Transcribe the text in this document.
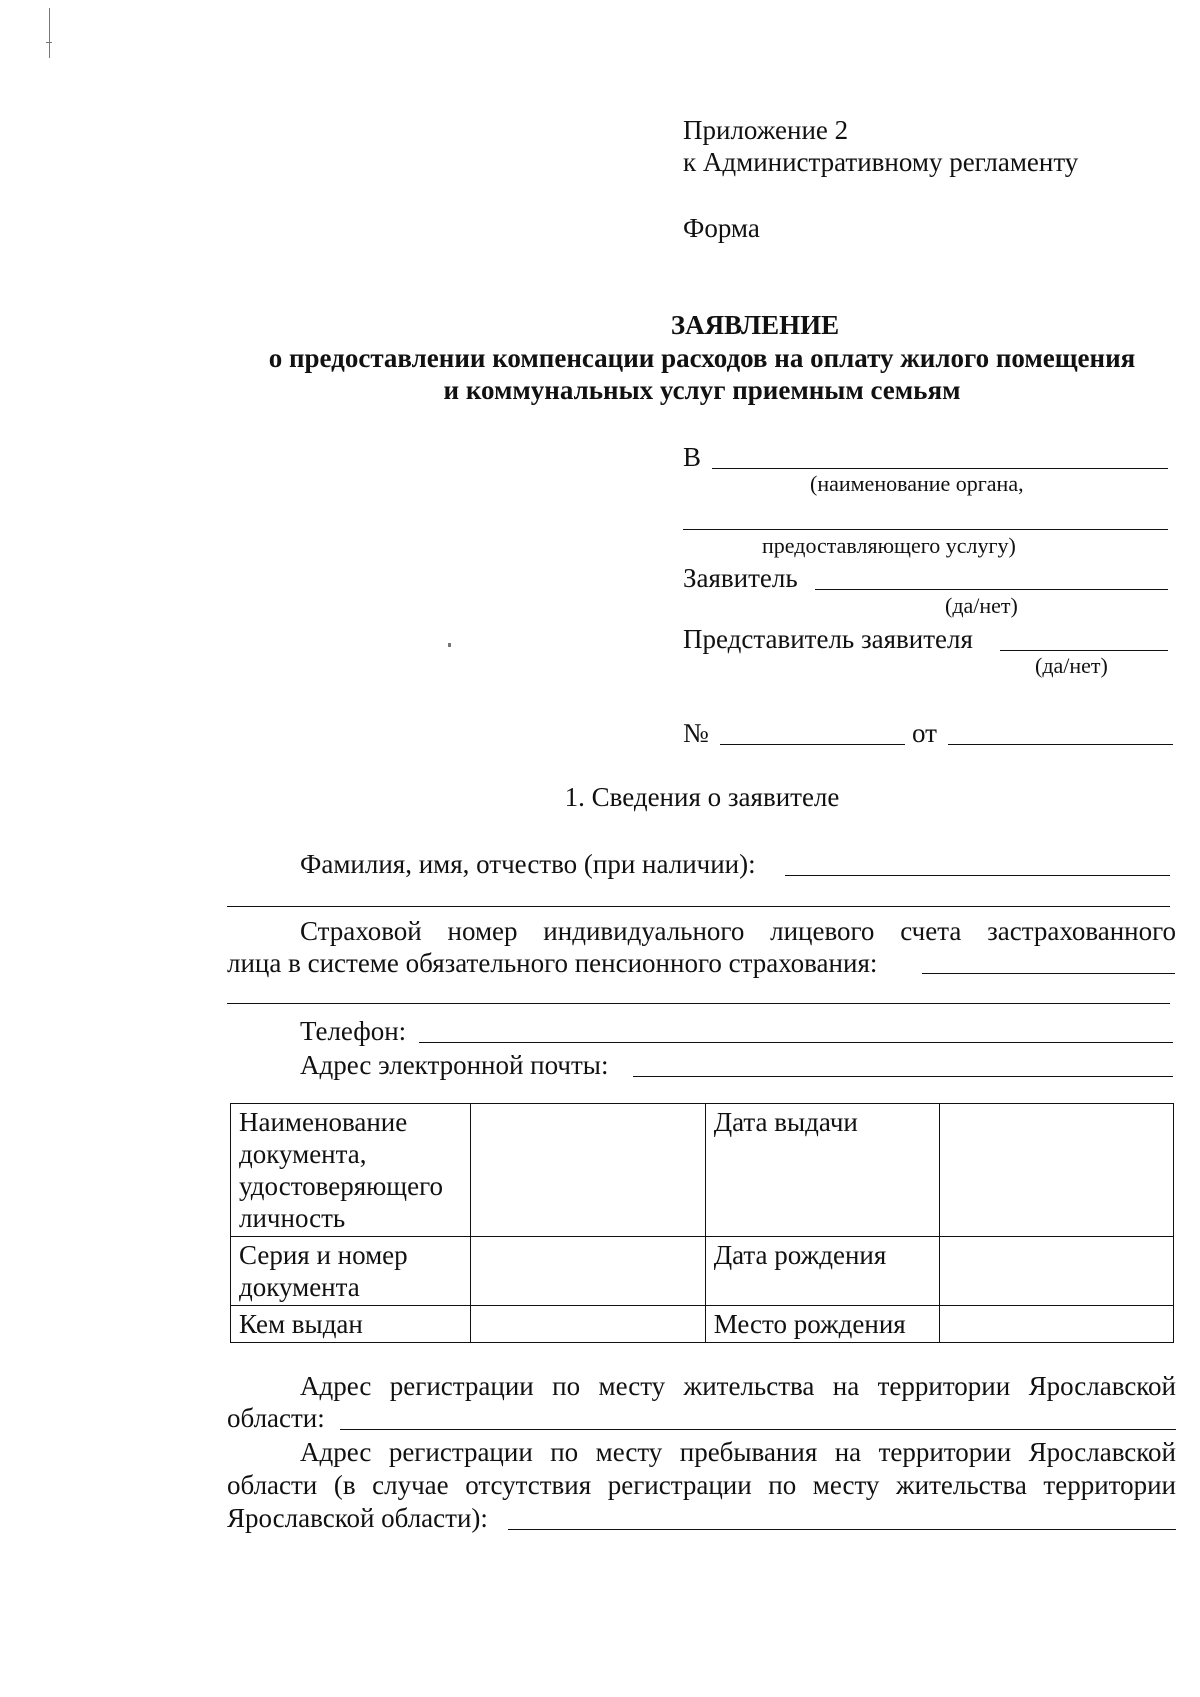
Приложение 2
к Административному регламенту
Форма
ЗАЯВЛЕНИЕ
о предоставлении компенсации расходов на оплату жилого помещения
и коммунальных услуг приемным семьям
В
(наименование органа,
предоставляющего услугу)
Заявитель
(да/нет)
Представитель заявителя
(да/нет)
№	от
1. Сведения о заявителе
Фамилия, имя, отчество (при наличии):
Страховой номер индивидуального лицевого счета застрахованного
лица в системе обязательного пенсионного страхования:
Телефон:
Адрес электронной почты:
Наименование документа, удостоверяющего личность		Дата выдачи	
Серия и номер документа		Дата рождения	
Кем выдан		Место рождения	
Адрес регистрации по месту жительства на территории Ярославской
области:
Адрес регистрации по месту пребывания на территории Ярославской
области (в случае отсутствия регистрации по месту жительства территории
Ярославской области):
